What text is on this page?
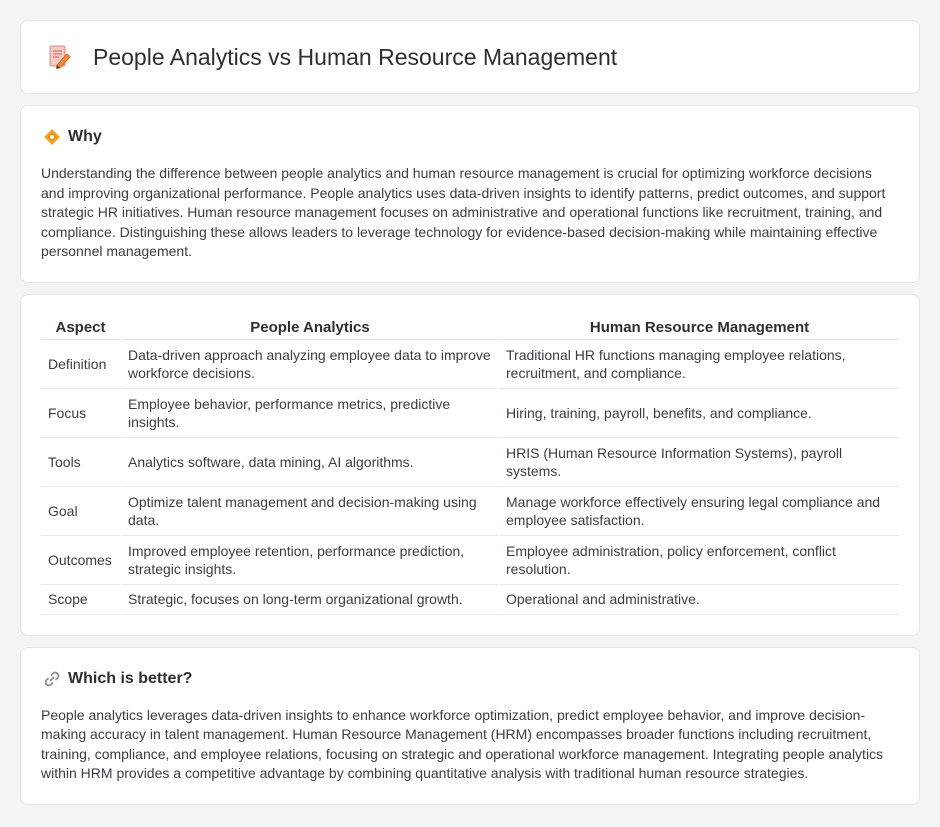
People Analytics vs Human Resource Management
Why

Understanding the difference between people analytics and human resource management is crucial for optimizing workforce decisions and improving organizational performance. People analytics uses data-driven insights to identify patterns, predict outcomes, and support strategic HR initiatives. Human resource management focuses on administrative and operational functions like recruitment, training, and compliance. Distinguishing these allows leaders to leverage technology for evidence-based decision-making while maintaining effective personnel management.

Aspect	People Analytics	Human Resource Management
Definition	Data-driven approach analyzing employee data to improve workforce decisions.	Traditional HR functions managing employee relations, recruitment, and compliance.
Focus	Employee behavior, performance metrics, predictive insights.	Hiring, training, payroll, benefits, and compliance.
Tools	Analytics software, data mining, AI algorithms.	HRIS (Human Resource Information Systems), payroll systems.
Goal	Optimize talent management and decision-making using data.	Manage workforce effectively ensuring legal compliance and employee satisfaction.
Outcomes	Improved employee retention, performance prediction, strategic insights.	Employee administration, policy enforcement, conflict resolution.
Scope	Strategic, focuses on long-term organizational growth.	Operational and administrative.
Which is better?

People analytics leverages data-driven insights to enhance workforce optimization, predict employee behavior, and improve decision-making accuracy in talent management. Human Resource Management (HRM) encompasses broader functions including recruitment, training, compliance, and employee relations, focusing on strategic and operational workforce management. Integrating people analytics within HRM provides a competitive advantage by combining quantitative analysis with traditional human resource strategies.
